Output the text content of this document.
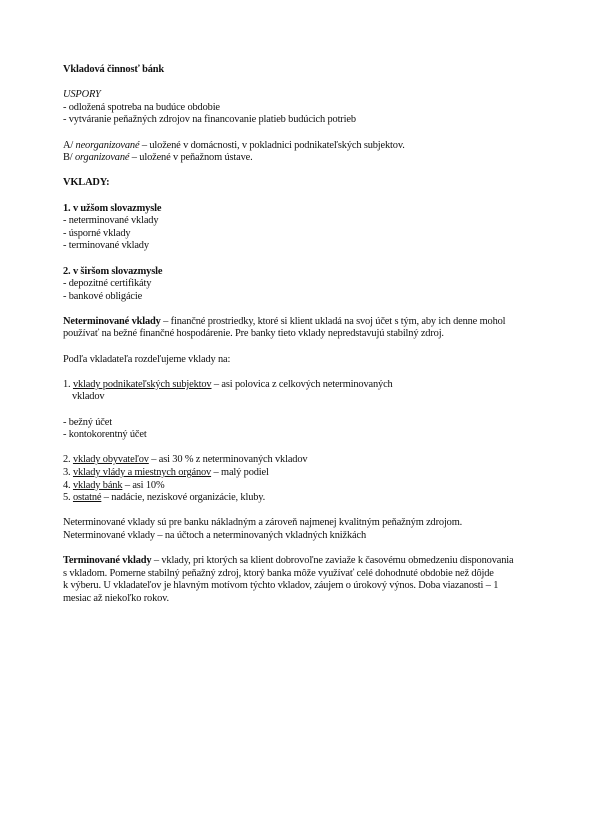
Vkladová činnosť bánk
USPORY
- odložená spotreba na budúce obdobie
- vytváranie peňažných zdrojov na financovanie platieb budúcich potrieb
A/ neorganizované – uložené v domácnosti, v pokladnici podnikateľských subjektov.
B/ organizované – uložené v peňažnom ústave.
VKLADY:
1. v užšom slovazmysle
- neterminované vklady
- úsporné vklady
- terminované vklady
2. v širšom slovazmysle
- depozitné certifikáty
- bankové obligácie
Neterminované vklady – finančné prostriedky, ktoré si klient ukladá na svoj účet s tým, aby ich denne mohol
používať na bežné finančné hospodárenie. Pre banky tieto vklady nepredstavujú stabilný zdroj.
Podľa vkladateľa rozdeľujeme vklady na:
1. vklady podnikateľských subjektov – asi polovica z celkových neterminovaných
vkladov
- bežný účet
- kontokorentný účet
2. vklady obyvateľov – asi 30 % z neterminovaných vkladov
3. vklady vlády a miestnych orgánov – malý podiel
4. vklady bánk – asi 10%
5. ostatné – nadácie, neziskové organizácie, kluby.
Neterminované vklady sú pre banku nákladným a zároveň najmenej kvalitným peňažným zdrojom.
Neterminované vklady – na účtoch a neterminovaných vkladných knižkách
Terminované vklady – vklady, pri ktorých sa klient dobrovoľne zaviaže k časovému obmedzeniu disponovania
s vkladom. Pomerne stabilný peňažný zdroj, ktorý banka môže využívať celé dohodnuté obdobie než dôjde
k výberu. U vkladateľov je hlavným motívom týchto vkladov, záujem o úrokový výnos. Doba viazanosti – 1
mesiac až niekoľko rokov.
